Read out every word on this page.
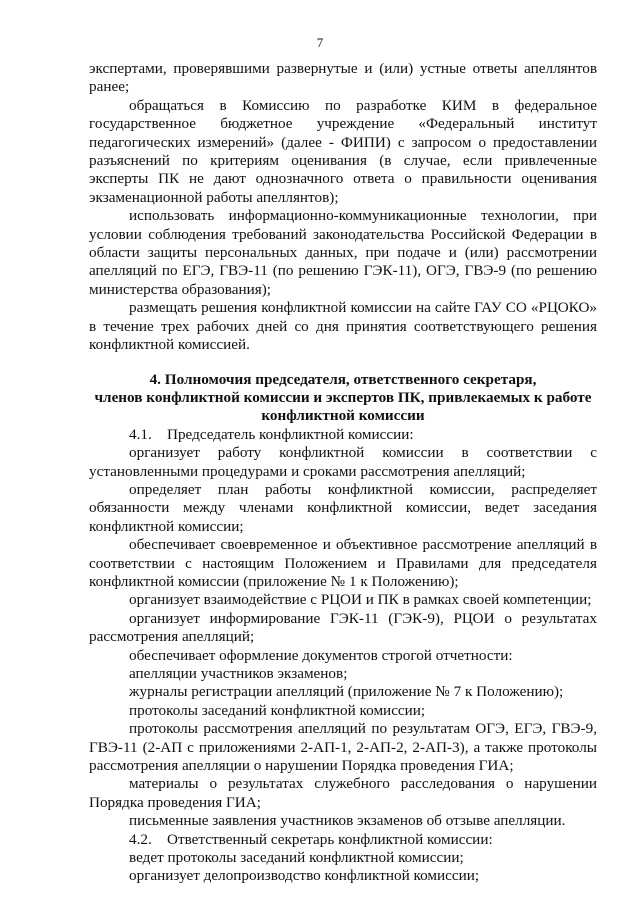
7

экспертами, проверявшими развернутые и (или) устные ответы апеллянтов ранее;

обращаться в Комиссию по разработке КИМ в федеральное государственное бюджетное учреждение «Федеральный институт педагогических измерений» (далее - ФИПИ) с запросом о предоставлении разъяснений по критериям оценивания (в случае, если привлеченные эксперты ПК не дают однозначного ответа о правильности оценивания экзаменационной работы апеллянтов);

использовать информационно-коммуникационные технологии, при условии соблюдения требований законодательства Российской Федерации в области защиты персональных данных, при подаче и (или) рассмотрении апелляций по ЕГЭ, ГВЭ-11 (по решению ГЭК-11), ОГЭ, ГВЭ-9 (по решению министерства образования);

размещать решения конфликтной комиссии на сайте ГАУ СО «РЦОКО» в течение трех рабочих дней со дня принятия соответствующего решения конфликтной комиссией.

4. Полномочия председателя, ответственного секретаря,
членов конфликтной комиссии и экспертов ПК, привлекаемых к работе
конфликтной комиссии

4.1. Председатель конфликтной комиссии:

организует работу конфликтной комиссии в соответствии с установленными процедурами и сроками рассмотрения апелляций;

определяет план работы конфликтной комиссии, распределяет обязанности между членами конфликтной комиссии, ведет заседания конфликтной комиссии;

обеспечивает своевременное и объективное рассмотрение апелляций в соответствии с настоящим Положением и Правилами для председателя конфликтной комиссии (приложение № 1 к Положению);

организует взаимодействие с РЦОИ и ПК в рамках своей компетенции;

организует информирование ГЭК-11 (ГЭК-9), РЦОИ о результатах рассмотрения апелляций;

обеспечивает оформление документов строгой отчетности:

апелляции участников экзаменов;

журналы регистрации апелляций (приложение № 7 к Положению);

протоколы заседаний конфликтной комиссии;

протоколы рассмотрения апелляций по результатам ОГЭ, ЕГЭ, ГВЭ-9, ГВЭ-11 (2-АП с приложениями 2-АП-1, 2-АП-2, 2-АП-3), а также протоколы рассмотрения апелляции о нарушении Порядка проведения ГИА;

материалы о результатах служебного расследования о нарушении Порядка проведения ГИА;

письменные заявления участников экзаменов об отзыве апелляции.

4.2. Ответственный секретарь конфликтной комиссии:

ведет протоколы заседаний конфликтной комиссии;

организует делопроизводство конфликтной комиссии;
